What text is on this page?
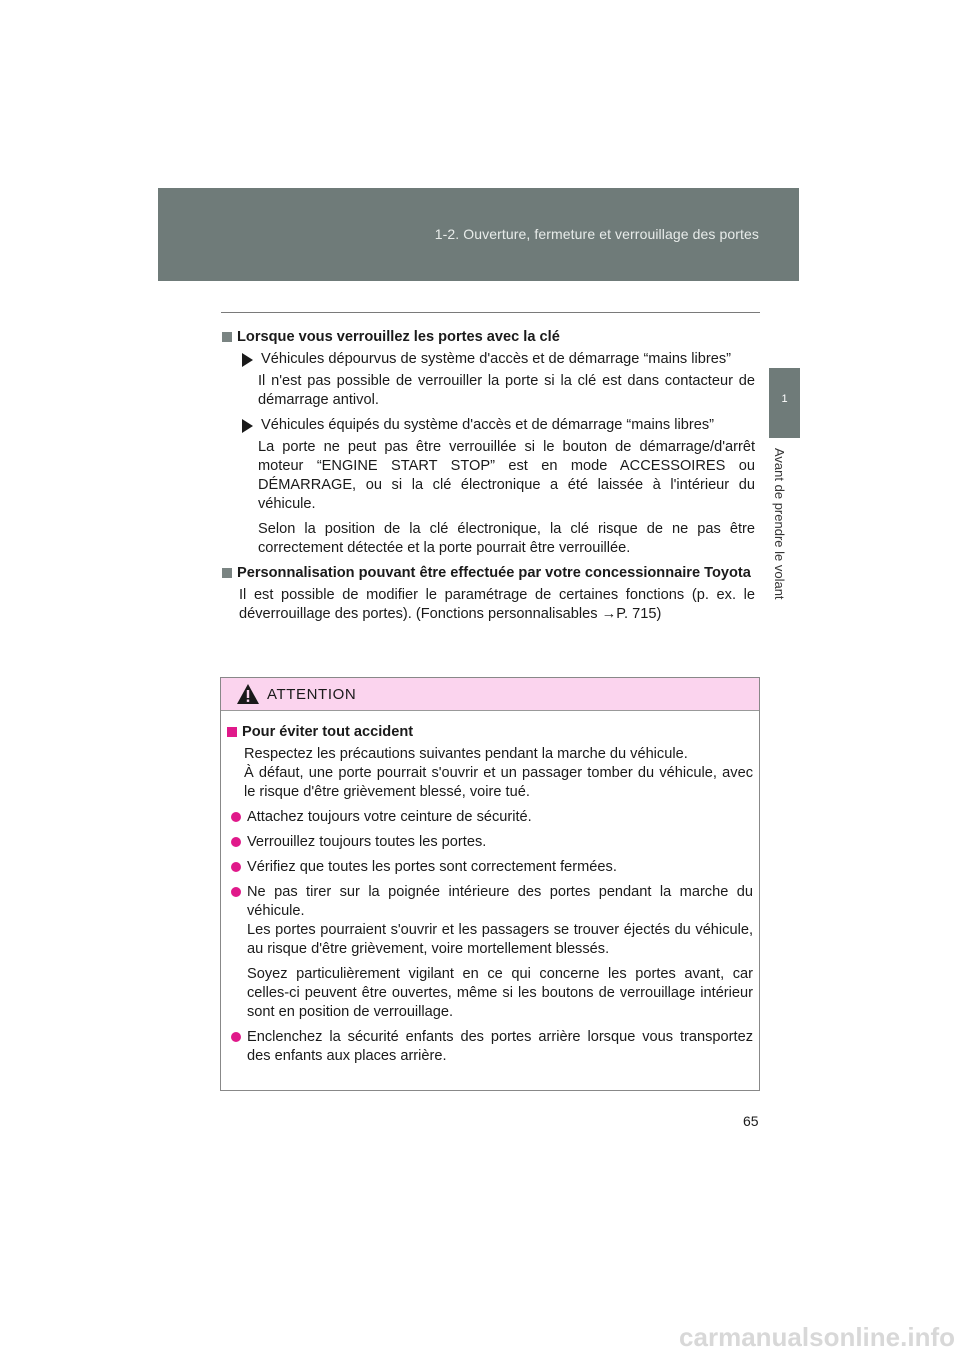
1-2. Ouverture, fermeture et verrouillage des portes
1
Avant de prendre le volant
Lorsque vous verrouillez les portes avec la clé
Véhicules dépourvus de système d'accès et de démarrage “mains libres”
Il n'est pas possible de verrouiller la porte si la clé est dans contacteur de démarrage antivol.
Véhicules équipés du système d'accès et de démarrage “mains libres”
La porte ne peut pas être verrouillée si le bouton de démarrage/d'arrêt moteur “ENGINE START STOP” est en mode ACCESSOIRES ou DÉMARRAGE, ou si la clé électronique a été laissée à l'intérieur du véhicule.
Selon la position de la clé électronique, la clé risque de ne pas être correctement détectée et la porte pourrait être verrouillée.
Personnalisation pouvant être effectuée par votre concessionnaire Toyota
Il est possible de modifier le paramétrage de certaines fonctions (p. ex. le déverrouillage des portes). (Fonctions personnalisables →P. 715)
ATTENTION
Pour éviter tout accident
Respectez les précautions suivantes pendant la marche du véhicule.
À défaut, une porte pourrait s'ouvrir et un passager tomber du véhicule, avec le risque d'être grièvement blessé, voire tué.
Attachez toujours votre ceinture de sécurité.
Verrouillez toujours toutes les portes.
Vérifiez que toutes les portes sont correctement fermées.
Ne pas tirer sur la poignée intérieure des portes pendant la marche du véhicule.
Les portes pourraient s'ouvrir et les passagers se trouver éjectés du véhicule, au risque d'être grièvement, voire mortellement blessés.
Soyez particulièrement vigilant en ce qui concerne les portes avant, car celles-ci peuvent être ouvertes, même si les boutons de verrouillage intérieur sont en position de verrouillage.
Enclenchez la sécurité enfants des portes arrière lorsque vous transportez des enfants aux places arrière.
65
carmanualsonline.info
